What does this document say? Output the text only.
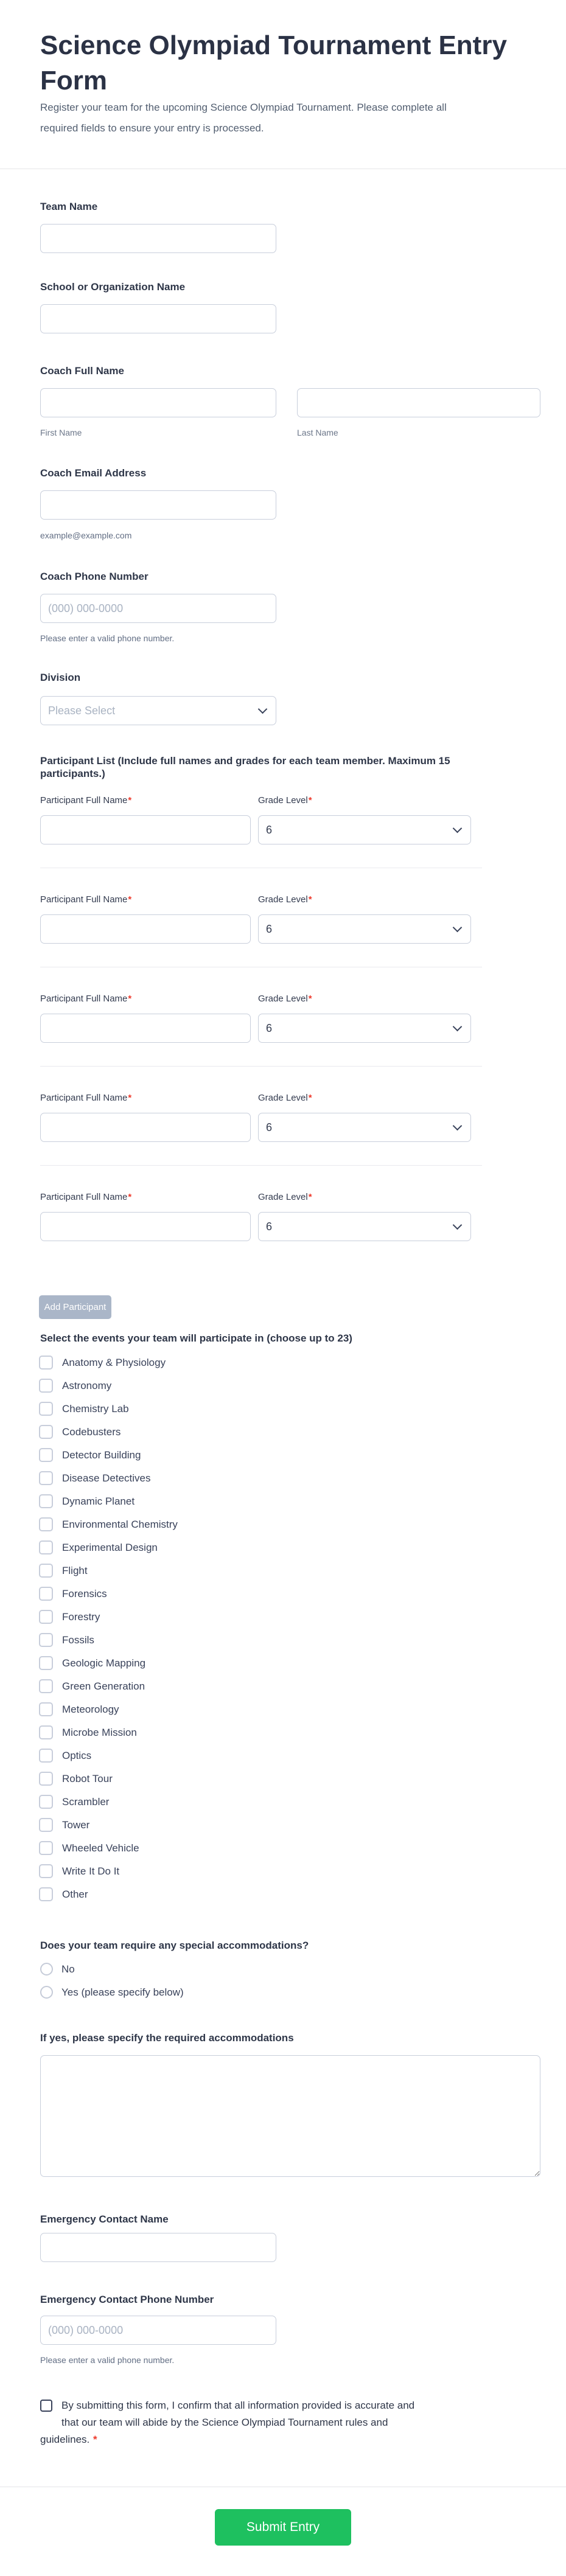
Science Olympiad Tournament Entry Form

Register your team for the upcoming Science Olympiad Tournament. Please complete all required fields to ensure your entry is processed.

Team Name
School or Organization Name
Coach Full Name
First Name	Last Name
Coach Email Address
example@example.com
Coach Phone Number
(000) 000-0000
Please enter a valid phone number.
Division
Please Select

Participant List (Include full names and grades for each team member. Maximum 15 participants.)

Participant Full Name*	Grade Level*
6
Participant Full Name*	Grade Level*
6
Participant Full Name*	Grade Level*
6
Participant Full Name*	Grade Level*
6
Participant Full Name*	Grade Level*
6
Add Participant

Select the events your team will participate in (choose up to 23)

Anatomy & Physiology
Astronomy
Chemistry Lab
Codebusters
Detector Building
Disease Detectives
Dynamic Planet
Environmental Chemistry
Experimental Design
Flight
Forensics
Forestry
Fossils
Geologic Mapping
Green Generation
Meteorology
Microbe Mission
Optics
Robot Tour
Scrambler
Tower
Wheeled Vehicle
Write It Do It
Other
Does your team require any special accommodations?
No
Yes (please specify below)
If yes, please specify the required accommodations
Emergency Contact Name
Emergency Contact Phone Number
(000) 000-0000
Please enter a valid phone number.
By submitting this form, I confirm that all information provided is accurate and that our team will abide by the Science Olympiad Tournament rules and guidelines. *
Submit Entry
